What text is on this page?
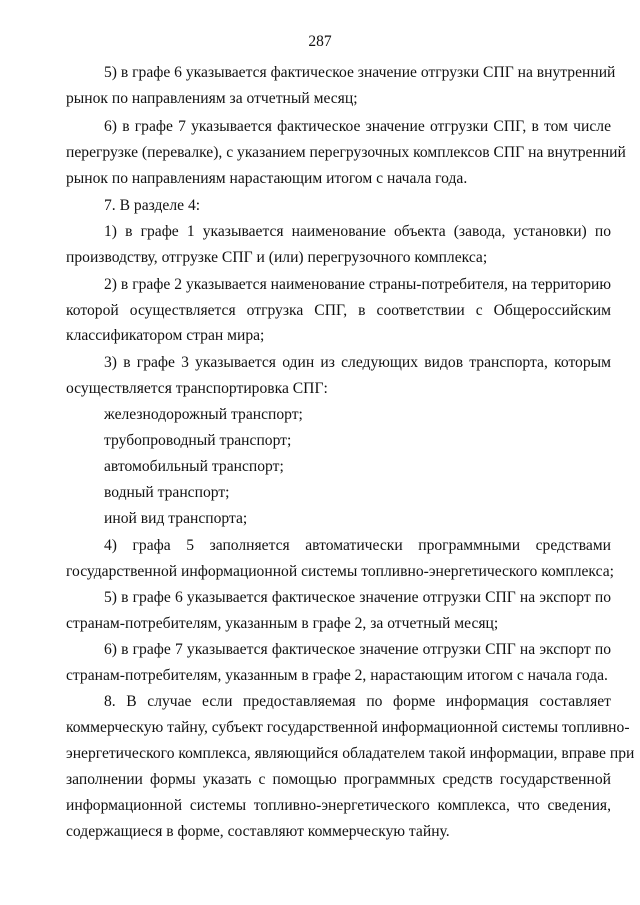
287
5) в графе 6 указывается фактическое значение отгрузки СПГ на внутренний
рынок по направлениям за отчетный месяц;
6) в графе 7 указывается фактическое значение отгрузки СПГ, в том числе
перегрузке (перевалке), с указанием перегрузочных комплексов СПГ на внутренний
рынок по направлениям нарастающим итогом с начала года.
7. В разделе 4:
1) в графе 1 указывается наименование объекта (завода, установки) по
производству, отгрузке СПГ и (или) перегрузочного комплекса;
2) в графе 2 указывается наименование страны-потребителя, на территорию
которой осуществляется отгрузка СПГ, в соответствии с Общероссийским
классификатором стран мира;
3) в графе 3 указывается один из следующих видов транспорта, которым
осуществляется транспортировка СПГ:
железнодорожный транспорт;
трубопроводный транспорт;
автомобильный транспорт;
водный транспорт;
иной вид транспорта;
4) графа 5 заполняется автоматически программными средствами
государственной информационной системы топливно-энергетического комплекса;
5) в графе 6 указывается фактическое значение отгрузки СПГ на экспорт по
странам-потребителям, указанным в графе 2, за отчетный месяц;
6) в графе 7 указывается фактическое значение отгрузки СПГ на экспорт по
странам-потребителям, указанным в графе 2, нарастающим итогом с начала года.
8. В случае если предоставляемая по форме информация составляет
коммерческую тайну, субъект государственной информационной системы топливно-
энергетического комплекса, являющийся обладателем такой информации, вправе при
заполнении формы указать с помощью программных средств государственной
информационной системы топливно-энергетического комплекса, что сведения,
содержащиеся в форме, составляют коммерческую тайну.
